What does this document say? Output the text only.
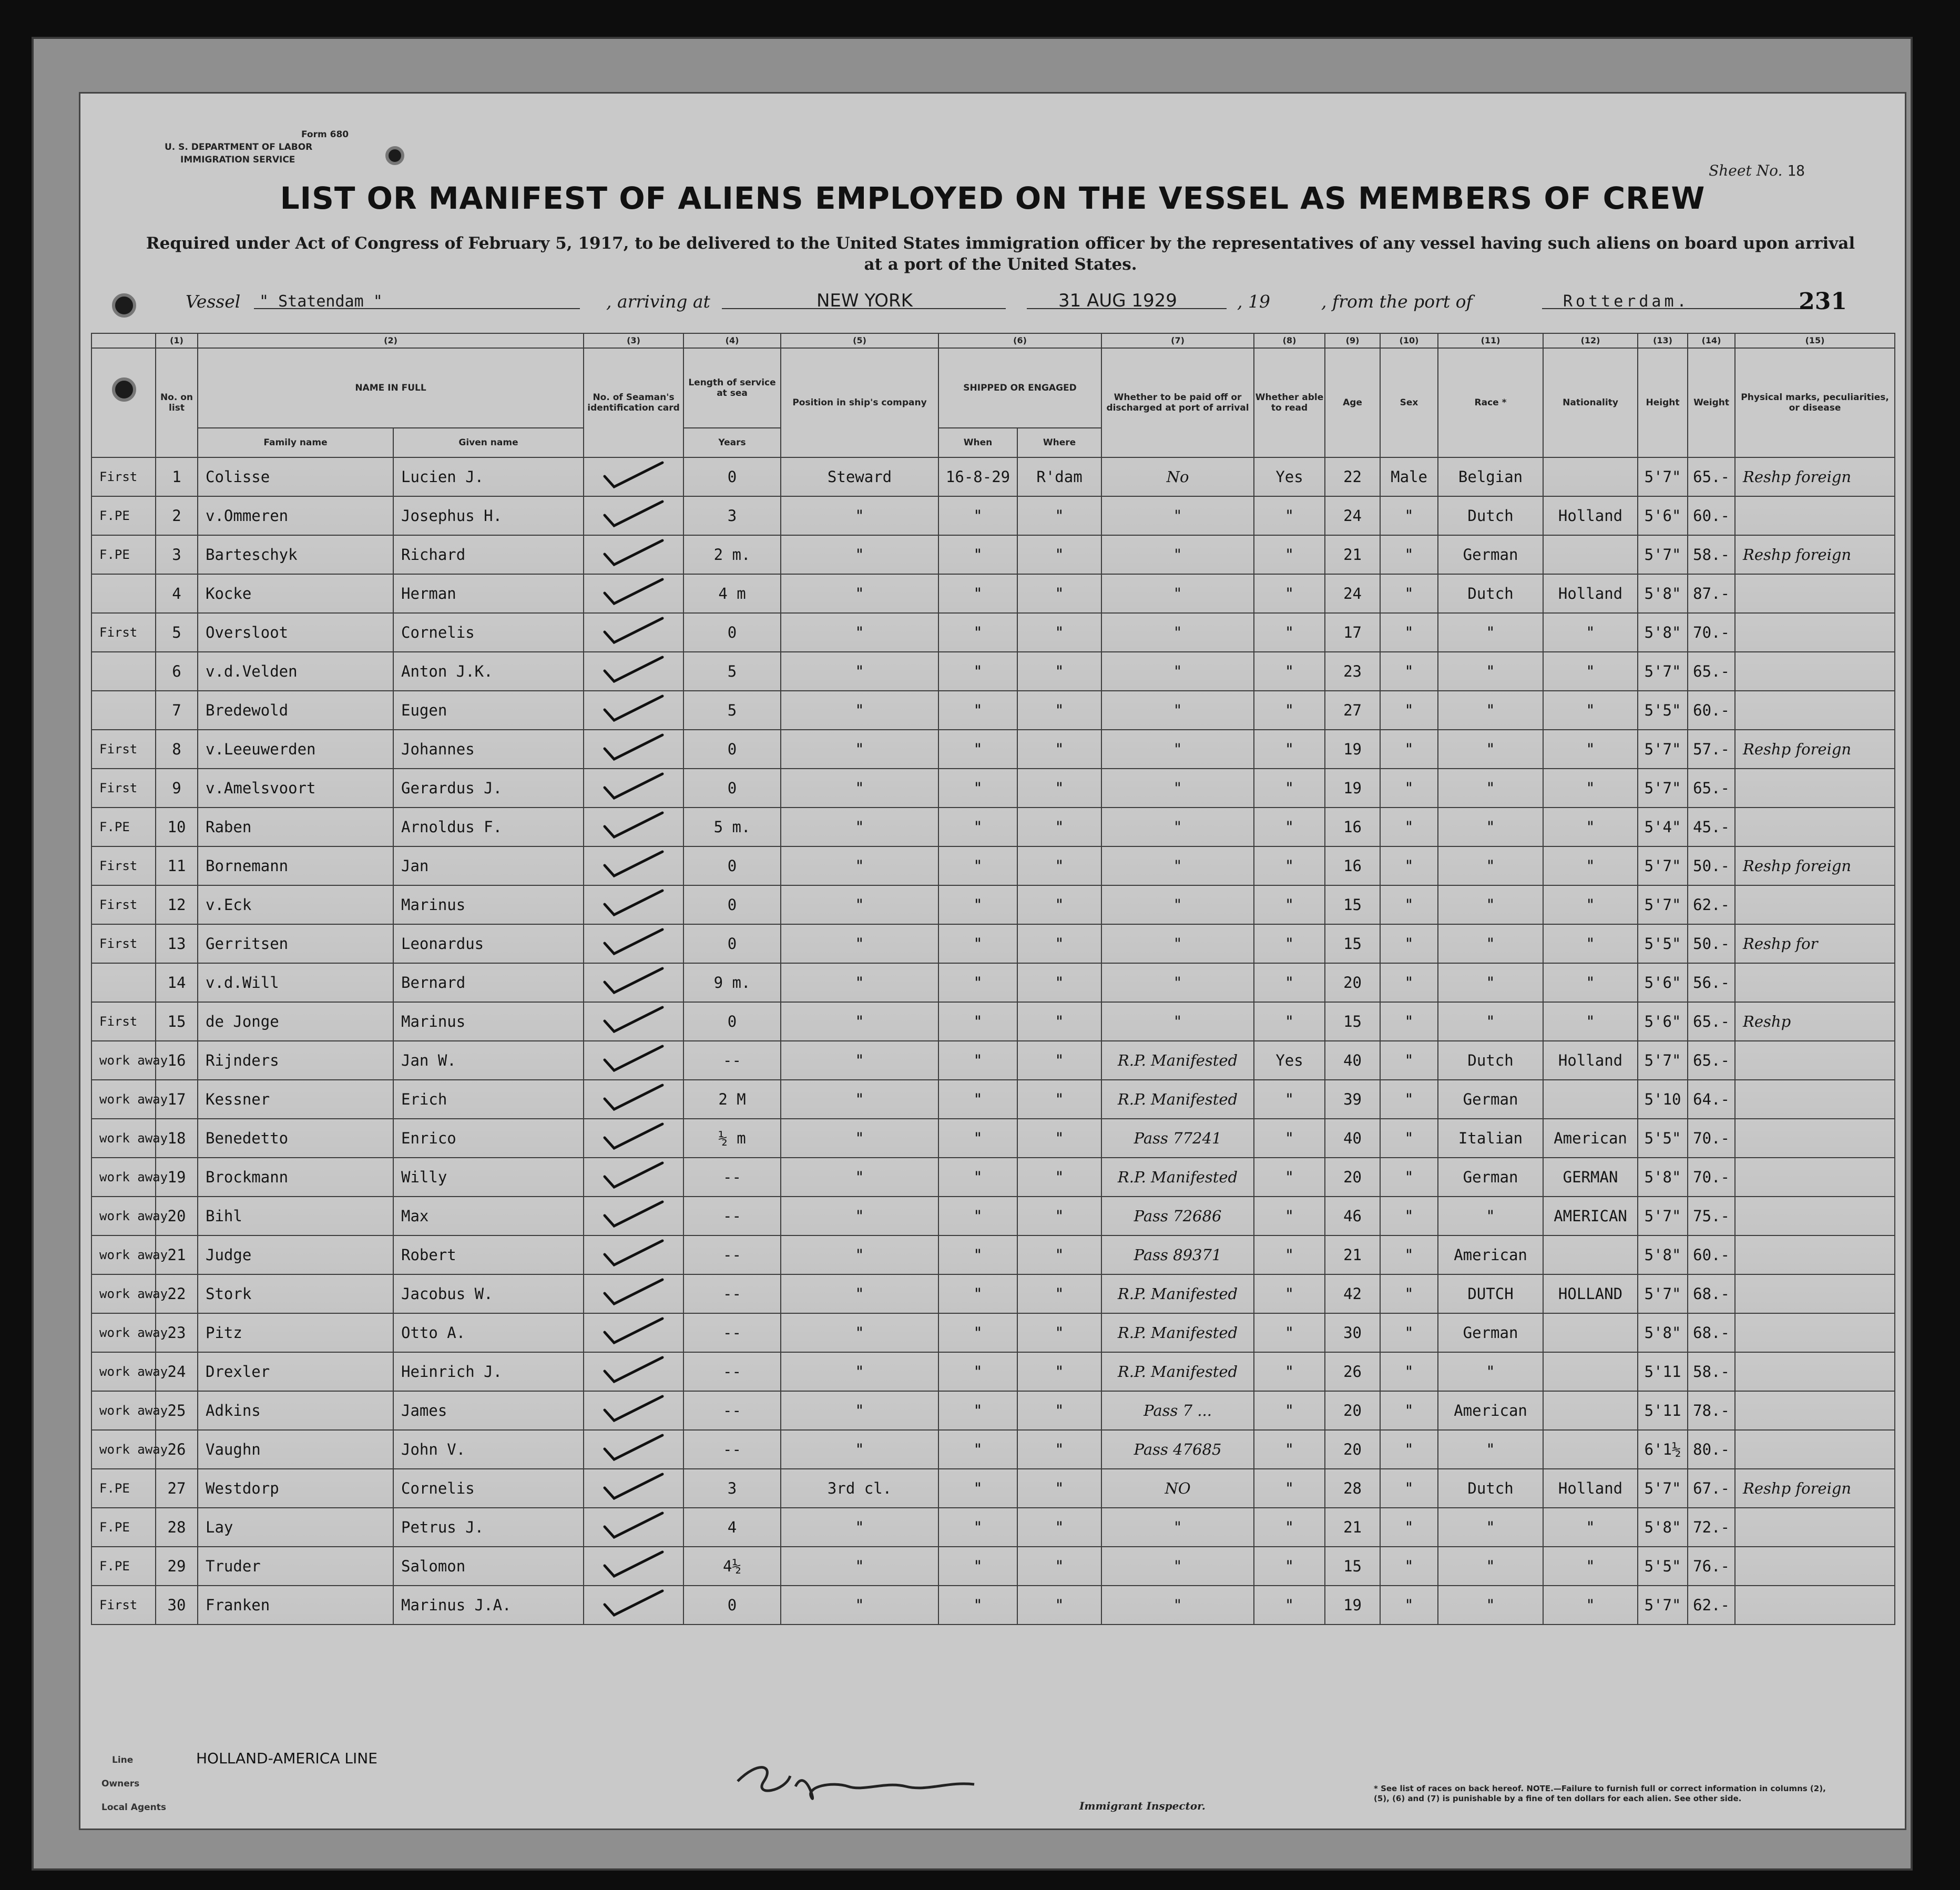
Form 680
U. S. DEPARTMENT OF LABOR
IMMIGRATION SERVICE
Sheet No. 18
LIST OR MANIFEST OF ALIENS EMPLOYED ON THE VESSEL AS MEMBERS OF CREW
Required under Act of Congress of February 5, 1917, to be delivered to the United States immigration officer by the representatives of any vessel having such aliens on board upon arrival at a port of the United States.
Vessel " Statendam "	, arriving at	NEW YORK	31 AUG 1929	, 19	, from the port of	Rotterdam.	231
	(1)	(2)		(3)	(4)	(5)	(6)		(7)	(8)	(9)	(10)	(11)	(12)	(13)	(14)	(15)
	No. on list	NAME IN FULL		No. of Seaman's identification card	Length of service at sea	Position in ship's company	SHIPPED OR ENGAGED		Whether to be paid off or discharged at port of arrival	Whether able to read	Age	Sex	Race *	Nationality	Height	Weight	Physical marks, peculiarities, or disease
		Family name	Given name		Years		When	Where									
First	1	Colisse	Lucien J.		0	Steward	16-8-29	R'dam	No	Yes	22	Male	Belgian		5'7"	65.-	Reshp foreign
F.PE	2	v.Ommeren	Josephus H.		3	"	"	"	"	"	24	"	Dutch	Holland	5'6"	60.-	
F.PE	3	Barteschyk	Richard		2 m.	"	"	"	"	"	21	"	German		5'7"	58.-	Reshp foreign
	4	Kocke	Herman		4 m	"	"	"	"	"	24	"	Dutch	Holland	5'8"	87.-	
First	5	Oversloot	Cornelis		0	"	"	"	"	"	17	"	"	"	5'8"	70.-	
	6	v.d.Velden	Anton J.K.		5	"	"	"	"	"	23	"	"	"	5'7"	65.-	
	7	Bredewold	Eugen		5	"	"	"	"	"	27	"	"	"	5'5"	60.-	
First	8	v.Leeuwerden	Johannes		0	"	"	"	"	"	19	"	"	"	5'7"	57.-	Reshp foreign
First	9	v.Amelsvoort	Gerardus J.		0	"	"	"	"	"	19	"	"	"	5'7"	65.-	
F.PE	10	Raben	Arnoldus F.		5 m.	"	"	"	"	"	16	"	"	"	5'4"	45.-	
First	11	Bornemann	Jan		0	"	"	"	"	"	16	"	"	"	5'7"	50.-	Reshp foreign
First	12	v.Eck	Marinus		0	"	"	"	"	"	15	"	"	"	5'7"	62.-	
First	13	Gerritsen	Leonardus		0	"	"	"	"	"	15	"	"	"	5'5"	50.-	Reshp for
	14	v.d.Will	Bernard		9 m.	"	"	"	"	"	20	"	"	"	5'6"	56.-	
First	15	de Jonge	Marinus		0	"	"	"	"	"	15	"	"	"	5'6"	65.-	Reshp
work away	16	Rijnders	Jan W.		--	"	"	"	R.P. Manifested	Yes	40	"	Dutch	Holland	5'7"	65.-	
work away	17	Kessner	Erich		2 M	"	"	"	R.P. Manifested	"	39	"	German		5'10	64.-	
work away	18	Benedetto	Enrico		½ m	"	"	"	Pass 77241	"	40	"	Italian	American	5'5"	70.-	
work away	19	Brockmann	Willy		--	"	"	"	R.P. Manifested	"	20	"	German	GERMAN	5'8"	70.-	
work away	20	Bihl	Max		--	"	"	"	Pass 72686	"	46	"	"	AMERICAN	5'7"	75.-	
work away	21	Judge	Robert		--	"	"	"	Pass 89371	"	21	"	American		5'8"	60.-	
work away	22	Stork	Jacobus W.		--	"	"	"	R.P. Manifested	"	42	"	DUTCH	HOLLAND	5'7"	68.-	
work away	23	Pitz	Otto A.		--	"	"	"	R.P. Manifested	"	30	"	German		5'8"	68.-	
work away	24	Drexler	Heinrich J.		--	"	"	"	R.P. Manifested	"	26	"	"		5'11	58.-	
work away	25	Adkins	James		--	"	"	"	Pass 7 ...	"	20	"	American		5'11	78.-	
work away	26	Vaughn	John V.		--	"	"	"	Pass 47685	"	20	"	"		6'1½	80.-	
F.PE	27	Westdorp	Cornelis		3	3rd cl.	"	"	NO	"	28	"	Dutch	Holland	5'7"	67.-	Reshp foreign
F.PE	28	Lay	Petrus J.		4	"	"	"	"	"	21	"	"	"	5'8"	72.-	
F.PE	29	Truder	Salomon		4½	"	"	"	"	"	15	"	"	"	5'5"	76.-	
First	30	Franken	Marinus J.A.		0	"	"	"	"	"	19	"	"	"	5'7"	62.-	
Line	HOLLAND-AMERICA LINE
Owners
Local Agents	Immigrant Inspector.
* See list of races on back hereof. NOTE.—Failure to furnish full or correct information in columns (2), (5), (6) and (7) is punishable by a fine of ten dollars for each alien. See other side.
